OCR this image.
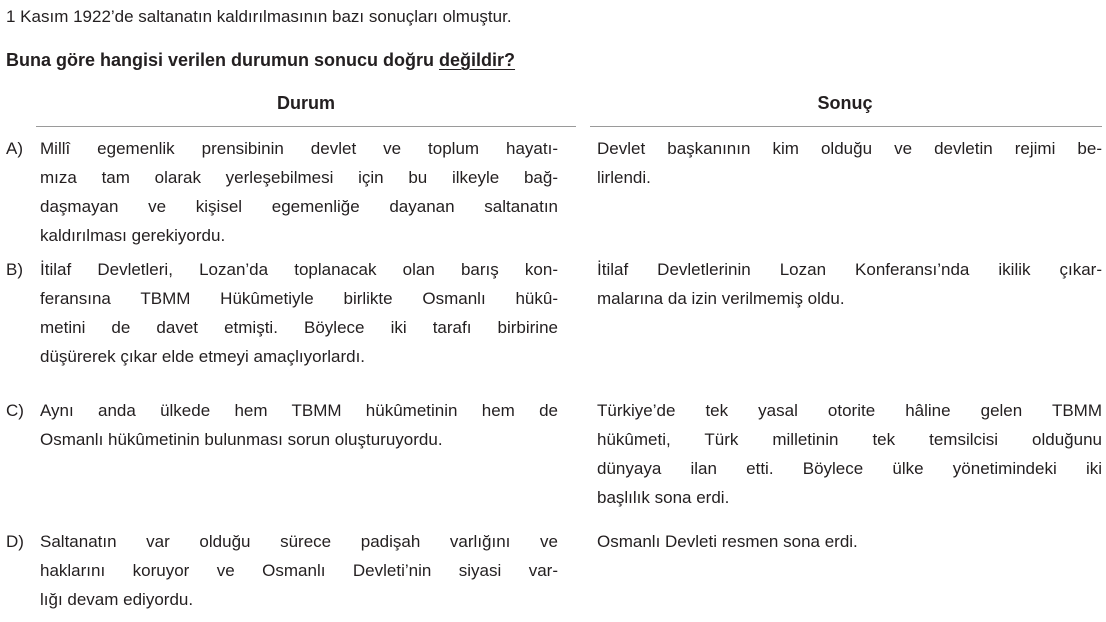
1 Kasım 1922’de saltanatın kaldırılmasının bazı sonuçları olmuştur.
Buna göre hangisi verilen durumun sonucu doğru değildir?
Durum	Sonuç
A) Millî egemenlik prensibinin devlet ve toplum hayatı-
mıza tam olarak yerleşebilmesi için bu ilkeyle bağ-
daşmayan ve kişisel egemenliğe dayanan saltanatın
kaldırılması gerekiyordu.
Devlet başkanının kim olduğu ve devletin rejimi be-
lirlendi.
B) İtilaf Devletleri, Lozan’da toplanacak olan barış kon-
feransına TBMM Hükûmetiyle birlikte Osmanlı hükû-
metini de davet etmişti. Böylece iki tarafı birbirine
düşürerek çıkar elde etmeyi amaçlıyorlardı.
İtilaf Devletlerinin Lozan Konferansı’nda ikilik çıkar-
malarına da izin verilmemiş oldu.
C) Aynı anda ülkede hem TBMM hükûmetinin hem de
Osmanlı hükûmetinin bulunması sorun oluşturuyordu.
Türkiye’de tek yasal otorite hâline gelen TBMM
hükûmeti, Türk milletinin tek temsilcisi olduğunu
dünyaya ilan etti. Böylece ülke yönetimindeki iki
başlılık sona erdi.
D) Saltanatın var olduğu sürece padişah varlığını ve
haklarını koruyor ve Osmanlı Devleti’nin siyasi var-
lığı devam ediyordu.
Osmanlı Devleti resmen sona erdi.
